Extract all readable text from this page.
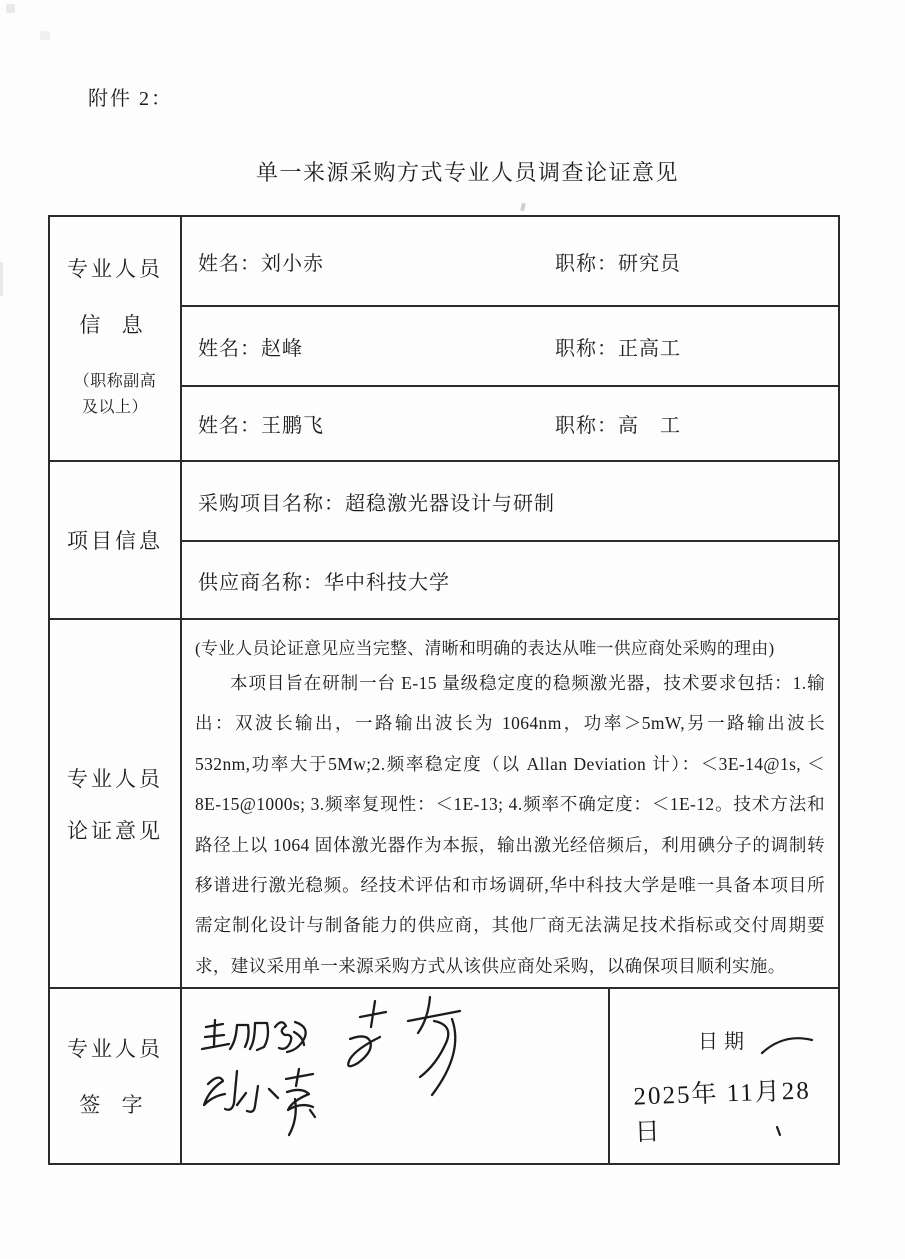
附件 2：
单一来源采购方式专业人员调查论证意见
专业人员
信 息
（职称副高
及以上）
姓名：刘小赤	职称：研究员
姓名：赵峰	职称：正高工
姓名：王鹏飞	职称：高　工
项目信息
采购项目名称： 超稳激光器设计与研制
供应商名称： 华中科技大学
专业人员
论证意见
(专业人员论证意见应当完整、清晰和明确的表达从唯一供应商处采购的理由)
本项目旨在研制一台 E-15 量级稳定度的稳频激光器，技术要求包括：1.输出：双波长输出，一路输出波长为 1064nm，功率＞5mW,另一路输出波长 532nm,功率大于5Mw;2.频率稳定度（以 Allan Deviation 计）：＜3E-14@1s, ＜8E-15@1000s; 3.频率复现性：＜1E-13; 4.频率不确定度：＜1E-12。技术方法和路径上以 1064 固体激光器作为本振，输出激光经倍频后，利用碘分子的调制转移谱进行激光稳频。经技术评估和市场调研,华中科技大学是唯一具备本项目所需定制化设计与制备能力的供应商，其他厂商无法满足技术指标或交付周期要求，建议采用单一来源采购方式从该供应商处采购，以确保项目顺利实施。
专业人员
签 字
日期
2025年 11月28日
